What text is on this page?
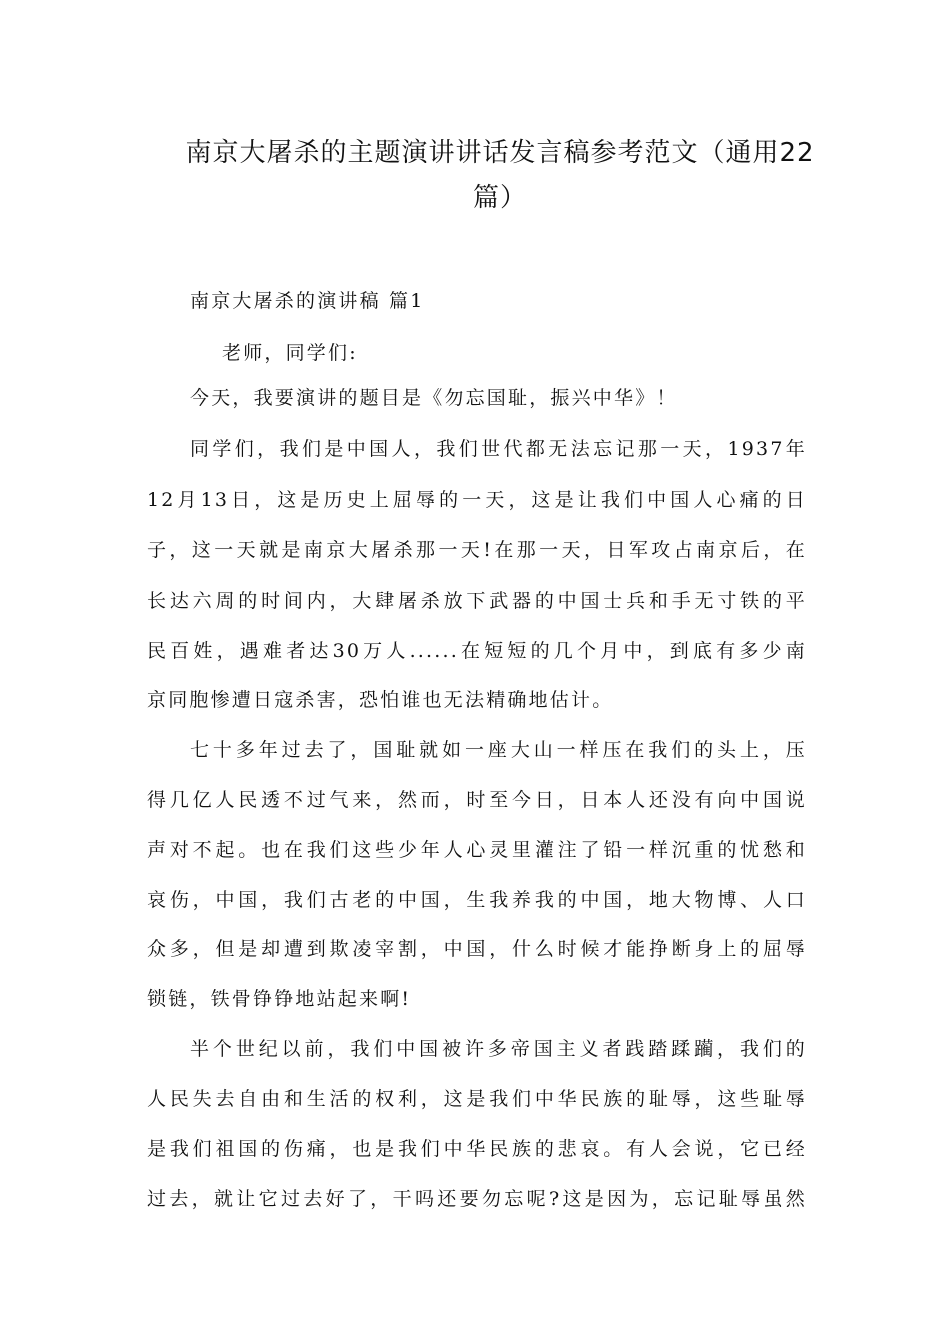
南京大屠杀的主题演讲讲话发言稿参考范文（通用22
篇）
南京大屠杀的演讲稿 篇1
老师，同学们:
今天，我要演讲的题目是《勿忘国耻，振兴中华》！
同学们，我们是中国人，我们世代都无法忘记那一天，1937年
12月13日，这是历史上屈辱的一天，这是让我们中国人心痛的日
子，这一天就是南京大屠杀那一天!在那一天，日军攻占南京后，在
长达六周的时间内，大肆屠杀放下武器的中国士兵和手无寸铁的平
民百姓，遇难者达30万人......在短短的几个月中，到底有多少南
京同胞惨遭日寇杀害，恐怕谁也无法精确地估计。
七十多年过去了，国耻就如一座大山一样压在我们的头上，压
得几亿人民透不过气来，然而，时至今日，日本人还没有向中国说
声对不起。也在我们这些少年人心灵里灌注了铅一样沉重的忧愁和
哀伤，中国，我们古老的中国，生我养我的中国，地大物博、人口
众多，但是却遭到欺凌宰割，中国，什么时候才能挣断身上的屈辱
锁链，铁骨铮铮地站起来啊!
半个世纪以前，我们中国被许多帝国主义者践踏蹂躏，我们的
人民失去自由和生活的权利，这是我们中华民族的耻辱，这些耻辱
是我们祖国的伤痛，也是我们中华民族的悲哀。有人会说，它已经
过去，就让它过去好了，干吗还要勿忘呢?这是因为，忘记耻辱虽然
